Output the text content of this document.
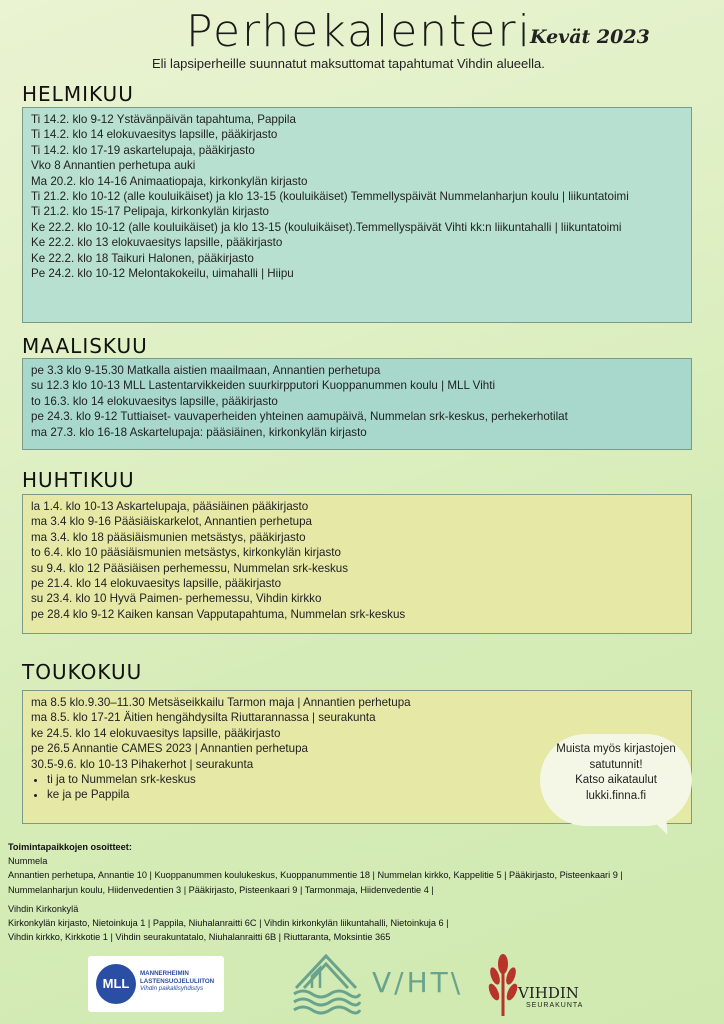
Perhekalenteri
Kevät 2023
Eli lapsiperheille suunnatut maksuttomat tapahtumat Vihdin alueella.
HELMIKUU
Ti 14.2. klo 9-12 Ystävänpäivän tapahtuma, Pappila
Ti 14.2. klo 14 elokuvaesitys lapsille, pääkirjasto
Ti 14.2. klo 17-19 askartelupaja, pääkirjasto
Vko 8 Annantien perhetupa auki
Ma 20.2. klo 14-16 Animaatiopaja, kirkonkylän kirjasto
Ti 21.2. klo 10-12 (alle kouluikäiset) ja klo 13-15 (kouluikäiset) Temmellyspäivät Nummelanharjun koulu | liikuntatoimi
Ti 21.2. klo 15-17 Pelipaja, kirkonkylän kirjasto
Ke 22.2. klo 10-12 (alle kouluikäiset) ja klo 13-15 (kouluikäiset).Temmellyspäivät Vihti kk:n liikuntahalli | liikuntatoimi
Ke 22.2. klo 13 elokuvaesitys lapsille, pääkirjasto
Ke 22.2. klo 18 Taikuri Halonen, pääkirjasto
Pe 24.2. klo 10-12 Melontakokeilu, uimahalli | Hiipu
MAALISKUU
pe 3.3 klo 9-15.30 Matkalla aistien maailmaan, Annantien perhetupa
su 12.3 klo 10-13 MLL Lastentarvikkeiden suurkirpputori Kuoppanummen koulu | MLL Vihti
to 16.3. klo 14 elokuvaesitys lapsille, pääkirjasto
pe 24.3. klo 9-12 Tuttiaiset- vauvaperheiden yhteinen aamupäivä, Nummelan srk-keskus, perhekerhotilat
ma 27.3. klo 16-18 Askartelupaja: pääsiäinen, kirkonkylän kirjasto
HUHTIKUU
la 1.4. klo 10-13 Askartelupaja, pääsiäinen pääkirjasto
ma 3.4 klo 9-16 Pääsiäiskarkelot, Annantien perhetupa
ma 3.4. klo 18 pääsiäismunien metsästys, pääkirjasto
to 6.4. klo 10 pääsiäismunien metsästys, kirkonkylän kirjasto
su 9.4. klo 12 Pääsiäisen perhemessu, Nummelan srk-keskus
pe 21.4. klo 14 elokuvaesitys lapsille, pääkirjasto
su 23.4. klo 10 Hyvä Paimen- perhemessu, Vihdin kirkko
pe 28.4 klo 9-12 Kaiken kansan Vapputapahtuma, Nummelan srk-keskus
TOUKOKUU
ma 8.5 klo.9.30–11.30 Metsäseikkailu Tarmon maja | Annantien perhetupa
ma 8.5. klo 17-21 Äitien hengähdysilta Riuttarannassa | seurakunta
ke 24.5. klo 14 elokuvaesitys lapsille, pääkirjasto
pe 26.5 Annantie CAMES 2023 | Annantien perhetupa
30.5-9.6. klo 10-13 Pihakerhot | seurakunta
• ti ja to Nummelan srk-keskus
• ke ja pe Pappila
Muista myös kirjastojen
satutunnit!
Katso aikataulut
lukki.finna.fi
Toimintapaikkojen osoitteet:
Nummela
Annantien perhetupa, Annantie 10 | Kuoppanummen koulukeskus, Kuoppanummentie 18 | Nummelan kirkko, Kappelitie 5 | Pääkirjasto, Pisteenkaari 9 |
Nummelanharjun koulu, Hiidenvedentien 3 | Pääkirjasto, Pisteenkaari 9 | Tarmonmaja, Hiidenvedentie 4 |
Vihdin Kirkonkylä
Kirkonkylän kirjasto, Nietoinkuja 1 | Pappila, Niuhalanraitti 6C | Vihdin kirkonkylän liikuntahalli, Nietoinkuja 6 |
Vihdin kirkko, Kirkkotie 1 | Vihdin seurakuntatalo, Niuhalanraitti 6B | Riuttaranta, Moksintie 365
MLL
MANNERHEIMIN
LASTENSUOJELULIITON
Vihdin paikallisyhdistys	V/HT\	VIHDIN
SEURAKUNTA
